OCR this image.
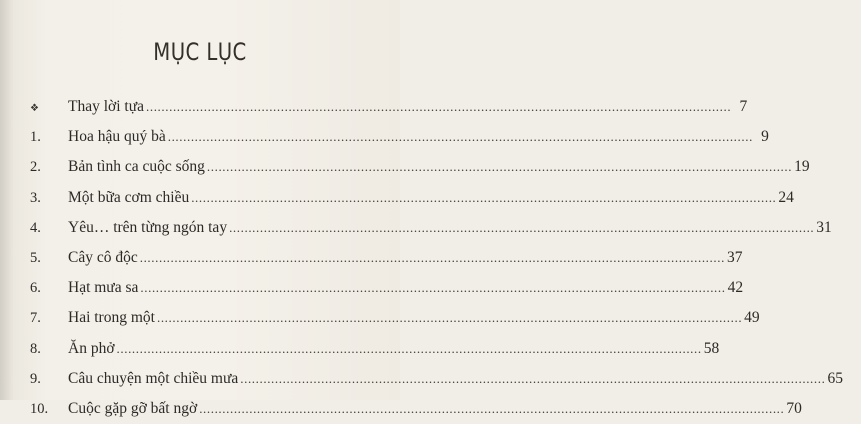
MỤC LỤC
❖	Thay lời tựa .....	7
1.	Hoa hậu quý bà .....	9
2.	Bản tình ca cuộc sống .....	19
3.	Một bữa cơm chiều .....	24
4.	Yêu… trên từng ngón tay .....	31
5.	Cây cô độc .....	37
6.	Hạt mưa sa .....	42
7.	Hai trong một .....	49
8.	Ăn phở .....	58
9.	Câu chuyện một chiều mưa .....	65
10.	Cuộc gặp gỡ bất ngờ .....	70
